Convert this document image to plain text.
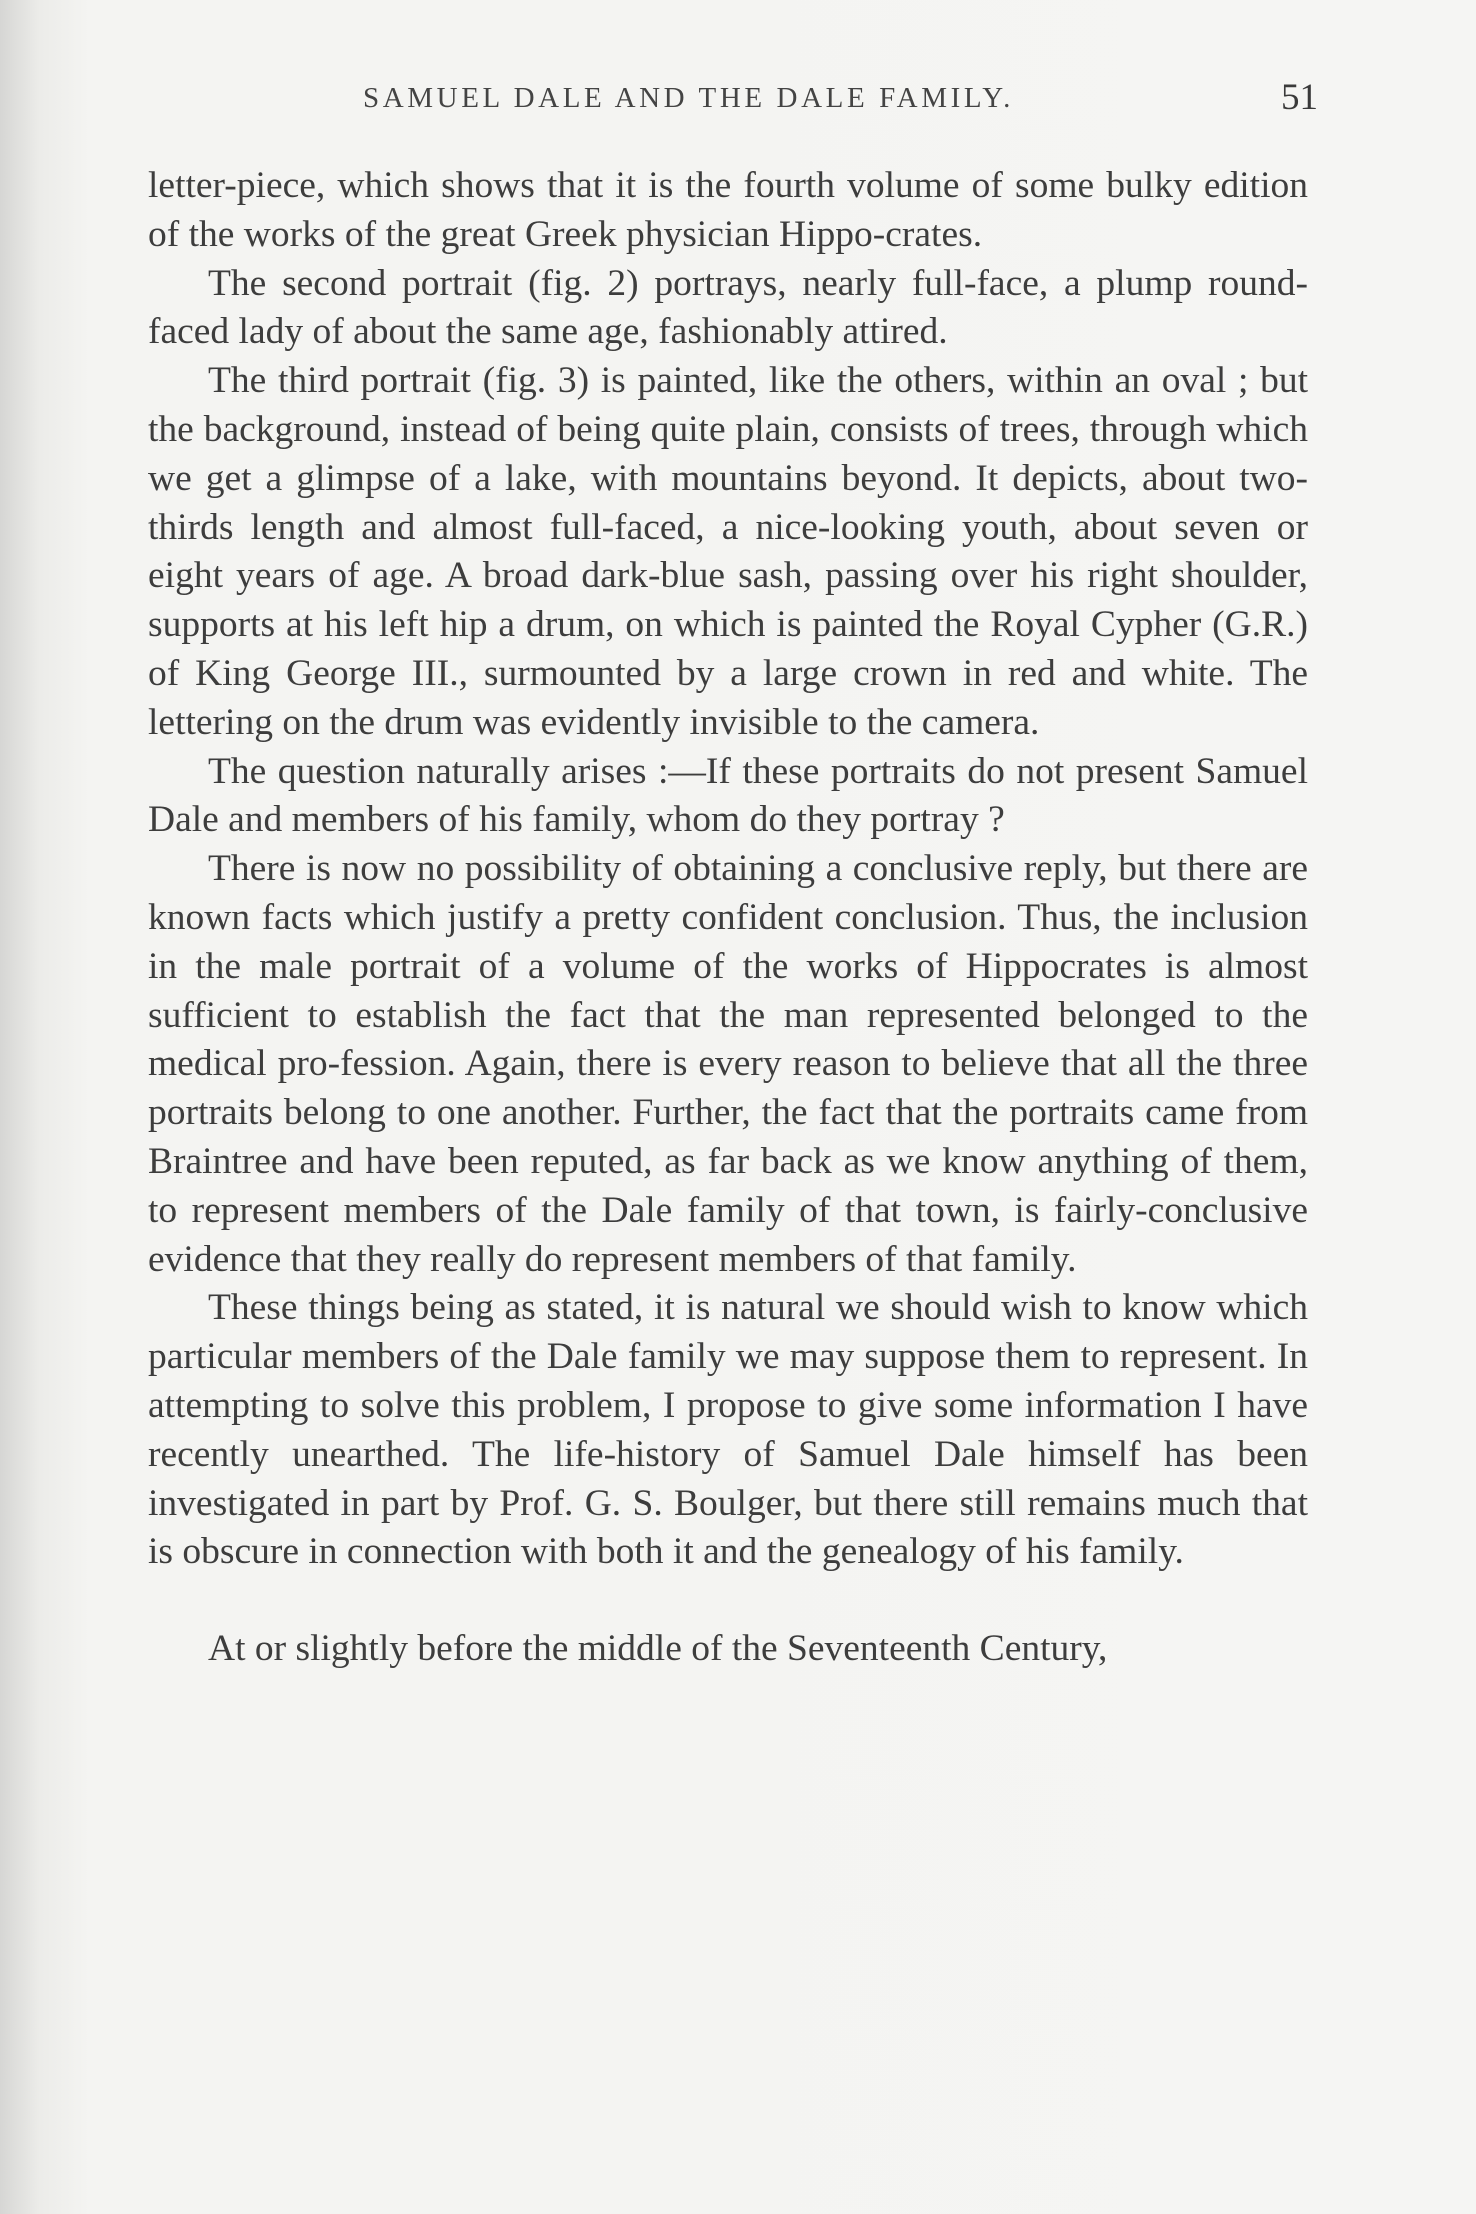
SAMUEL DALE AND THE DALE FAMILY.	51

letter-piece, which shows that it is the fourth volume of some bulky edition of the works of the great Greek physician Hippo-crates.

The second portrait (fig. 2) portrays, nearly full-face, a plump round-faced lady of about the same age, fashionably attired.

The third portrait (fig. 3) is painted, like the others, within an oval ; but the background, instead of being quite plain, consists of trees, through which we get a glimpse of a lake, with mountains beyond. It depicts, about two-thirds length and almost full-faced, a nice-looking youth, about seven or eight years of age. A broad dark-blue sash, passing over his right shoulder, supports at his left hip a drum, on which is painted the Royal Cypher (G.R.) of King George III., surmounted by a large crown in red and white. The lettering on the drum was evidently invisible to the camera.

The question naturally arises :—If these portraits do not present Samuel Dale and members of his family, whom do they portray ?

There is now no possibility of obtaining a conclusive reply, but there are known facts which justify a pretty confident conclusion. Thus, the inclusion in the male portrait of a volume of the works of Hippocrates is almost sufficient to establish the fact that the man represented belonged to the medical pro-fession. Again, there is every reason to believe that all the three portraits belong to one another. Further, the fact that the portraits came from Braintree and have been reputed, as far back as we know anything of them, to represent members of the Dale family of that town, is fairly-conclusive evidence that they really do represent members of that family.

These things being as stated, it is natural we should wish to know which particular members of the Dale family we may suppose them to represent. In attempting to solve this problem, I propose to give some information I have recently unearthed. The life-history of Samuel Dale himself has been investigated in part by Prof. G. S. Boulger, but there still remains much that is obscure in connection with both it and the genealogy of his family.

At or slightly before the middle of the Seventeenth Century,
